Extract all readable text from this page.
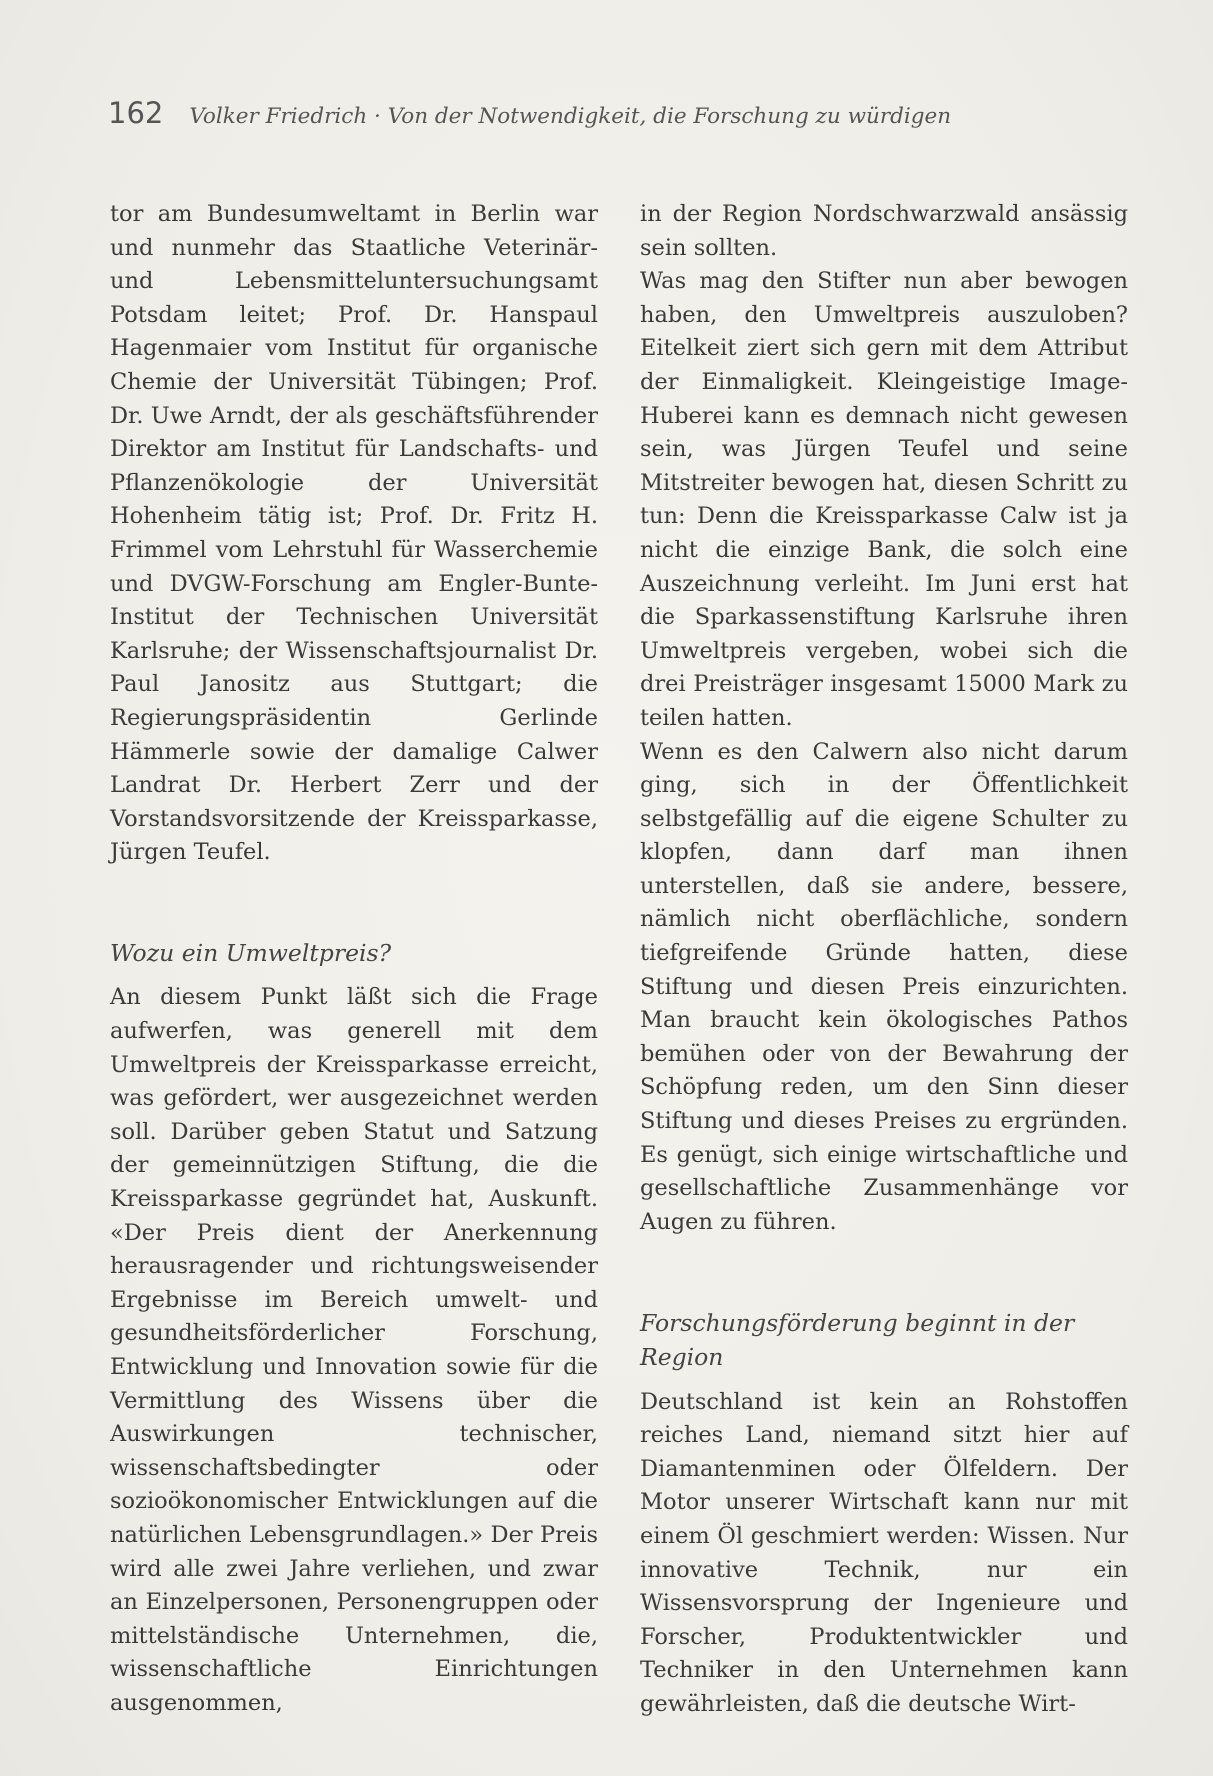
162 Volker Friedrich · Von der Notwendigkeit, die Forschung zu würdigen

tor am Bundesumweltamt in Berlin war und nunmehr das Staatliche Veterinär- und Lebensmitteluntersuchungsamt Potsdam leitet; Prof. Dr. Hanspaul Hagenmaier vom Institut für organische Chemie der Universität Tübingen; Prof. Dr. Uwe Arndt, der als geschäftsführender Direktor am Institut für Landschafts- und Pflanzenökologie der Universität Hohenheim tätig ist; Prof. Dr. Fritz H. Frimmel vom Lehrstuhl für Wasserchemie und DVGW-Forschung am Engler-Bunte-Institut der Technischen Universität Karlsruhe; der Wissenschaftsjournalist Dr. Paul Janositz aus Stuttgart; die Regierungspräsidentin Gerlinde Hämmerle sowie der damalige Calwer Landrat Dr. Herbert Zerr und der Vorstandsvorsitzende der Kreissparkasse, Jürgen Teufel.

Wozu ein Umweltpreis?

An diesem Punkt läßt sich die Frage aufwerfen, was generell mit dem Umweltpreis der Kreissparkasse erreicht, was gefördert, wer ausgezeichnet werden soll. Darüber geben Statut und Satzung der gemeinnützigen Stiftung, die die Kreissparkasse gegründet hat, Auskunft. «Der Preis dient der Anerkennung herausragender und richtungsweisender Ergebnisse im Bereich umwelt- und gesundheitsförderlicher Forschung, Entwicklung und Innovation sowie für die Vermittlung des Wissens über die Auswirkungen technischer, wissenschaftsbedingter oder sozioökonomischer Entwicklungen auf die natürlichen Lebensgrundlagen.» Der Preis wird alle zwei Jahre verliehen, und zwar an Einzelpersonen, Personengruppen oder mittelständische Unternehmen, die, wissenschaftliche Einrichtungen ausgenommen,

in der Region Nordschwarzwald ansässig sein sollten.

Was mag den Stifter nun aber bewogen haben, den Umweltpreis auszuloben? Eitelkeit ziert sich gern mit dem Attribut der Einmaligkeit. Kleingeistige Image-Huberei kann es demnach nicht gewesen sein, was Jürgen Teufel und seine Mitstreiter bewogen hat, diesen Schritt zu tun: Denn die Kreissparkasse Calw ist ja nicht die einzige Bank, die solch eine Auszeichnung verleiht. Im Juni erst hat die Sparkassenstiftung Karlsruhe ihren Umweltpreis vergeben, wobei sich die drei Preisträger insgesamt 15000 Mark zu teilen hatten.

Wenn es den Calwern also nicht darum ging, sich in der Öffentlichkeit selbstgefällig auf die eigene Schulter zu klopfen, dann darf man ihnen unterstellen, daß sie andere, bessere, nämlich nicht oberflächliche, sondern tiefgreifende Gründe hatten, diese Stiftung und diesen Preis einzurichten. Man braucht kein ökologisches Pathos bemühen oder von der Bewahrung der Schöpfung reden, um den Sinn dieser Stiftung und dieses Preises zu ergründen. Es genügt, sich einige wirtschaftliche und gesellschaftliche Zusammenhänge vor Augen zu führen.

Forschungsförderung beginnt in der Region

Deutschland ist kein an Rohstoffen reiches Land, niemand sitzt hier auf Diamantenminen oder Ölfeldern. Der Motor unserer Wirtschaft kann nur mit einem Öl geschmiert werden: Wissen. Nur innovative Technik, nur ein Wissensvorsprung der Ingenieure und Forscher, Produktentwickler und Techniker in den Unternehmen kann gewährleisten, daß die deutsche Wirt-
